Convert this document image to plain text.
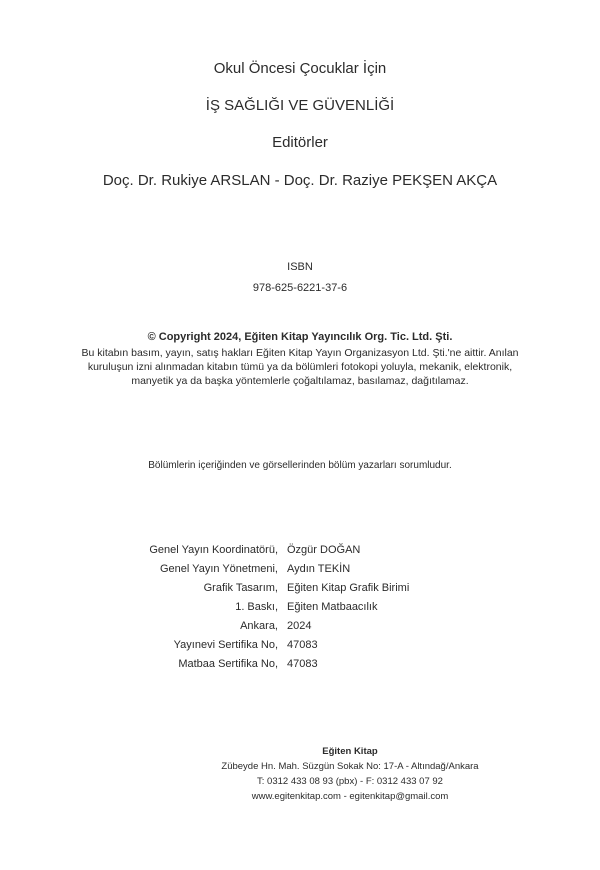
Okul Öncesi Çocuklar İçin
İŞ SAĞLIĞI VE GÜVENLİĞİ
Editörler
Doç. Dr. Rukiye ARSLAN - Doç. Dr. Raziye PEKŞEN AKÇA
ISBN
978-625-6221-37-6
© Copyright 2024, Eğiten Kitap Yayıncılık Org. Tic. Ltd. Şti.
Bu kitabın basım, yayın, satış hakları Eğiten Kitap Yayın Organizasyon Ltd. Şti.'ne aittir. Anılan kuruluşun izni alınmadan kitabın tümü ya da bölümleri fotokopi yoluyla, mekanik, elektronik, manyetik ya da başka yöntemlerle çoğaltılamaz, basılamaz, dağıtılamaz.
Bölümlerin içeriğinden ve görsellerinden bölüm yazarları sorumludur.
Genel Yayın Koordinatörü, Özgür DOĞAN
Genel Yayın Yönetmeni, Aydın TEKİN
Grafik Tasarım, Eğiten Kitap Grafik Birimi
1. Baskı, Eğiten Matbaacılık
Ankara, 2024
Yayınevi Sertifika No, 47083
Matbaa Sertifika No, 47083
Eğiten Kitap
Zübeyde Hn. Mah. Süzgün Sokak No: 17-A - Altındağ/Ankara
T: 0312 433 08 93 (pbx) - F: 0312 433 07 92
www.egitenkitap.com - egitenkitap@gmail.com
